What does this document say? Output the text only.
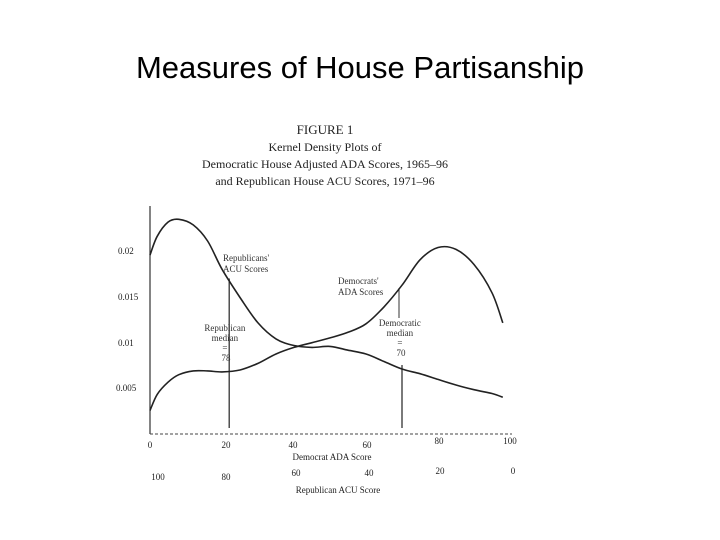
Measures of House Partisanship
FIGURE 1
Kernel Density Plots of
Democratic House Adjusted ADA Scores, 1965–96
and Republican House ACU Scores, 1971–96
0.02
0.015
0.01
0.005
Republicans' ACU Scores
Democrats' ADA Scores
Republican median = 78
Democratic median = 70
0	20	40	60	80	100
Democrat ADA Score
100	80	60	40	20	0
Republican ACU Score
